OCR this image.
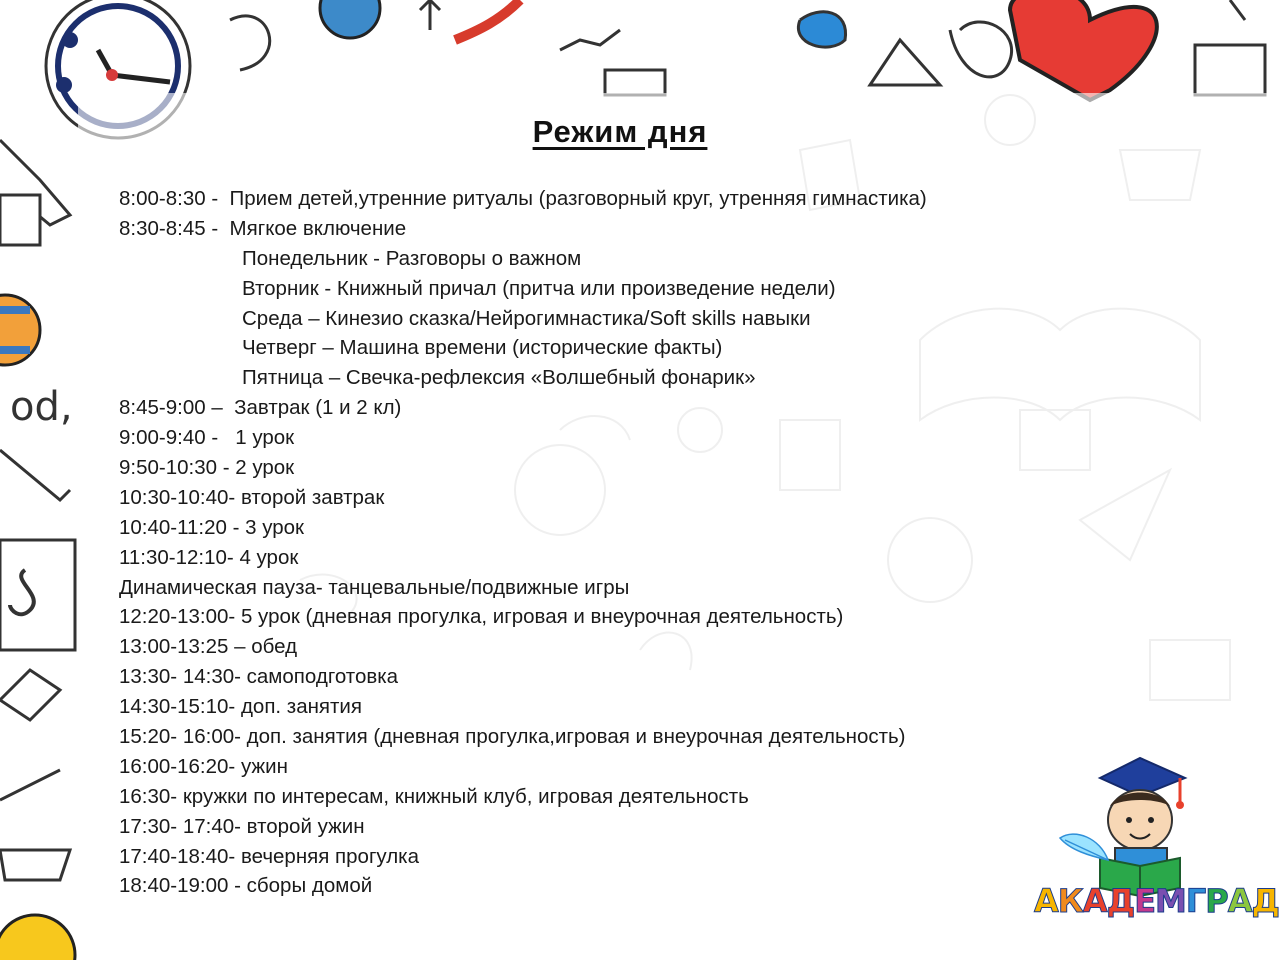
od,
Режим дня
8:00-8:30 - Прием детей,утренние ритуалы (разговорный круг, утренняя гимнастика)
8:30-8:45 - Мягкое включение
Понедельник - Разговоры о важном
Вторник - Книжный причал (притча или произведение недели)
Среда – Кинезио сказка/Нейрогимнастика/Soft skills навыки
Четверг – Машина времени (исторические факты)
Пятница – Свечка-рефлексия «Волшебный фонарик»
8:45-9:00 – Завтрак (1 и 2 кл)
9:00-9:40 - 1 урок
9:50-10:30 - 2 урок
10:30-10:40- второй завтрак
10:40-11:20 - 3 урок
11:30-12:10- 4 урок
Динамическая пауза- танцевальные/подвижные игры
12:20-13:00- 5 урок (дневная прогулка, игровая и внеурочная деятельность)
13:00-13:25 – обед
13:30- 14:30- самоподготовка
14:30-15:10- доп. занятия
15:20- 16:00- доп. занятия (дневная прогулка,игровая и внеурочная деятельность)
16:00-16:20- ужин
16:30- кружки по интересам, книжный клуб, игровая деятельность
17:30- 17:40- второй ужин
17:40-18:40- вечерняя прогулка
18:40-19:00 - сборы домой	АКАДЕМГРАД
